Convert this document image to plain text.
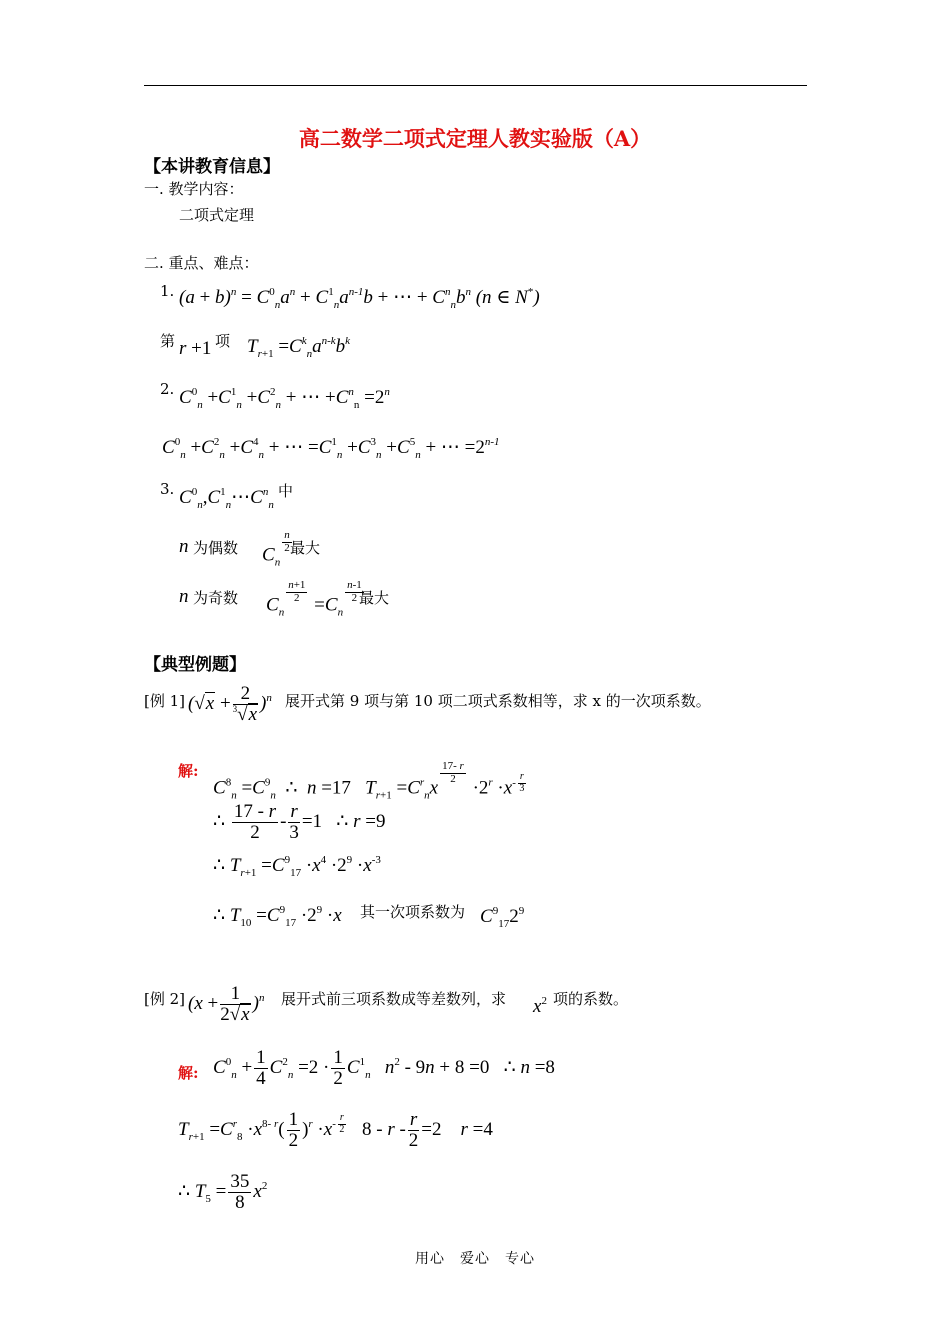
高二数学二项式定理人教实验版（A）
【本讲教育信息】
一. 教学内容：
二项式定理
二. 重点、难点：
1. $(a + b)^n = C^0_na^n + C^1_na^{n-1}b$ + ⋯ + $C^n_nb^n$ (n ∈ N*)
第 r +1 项 $T_{r+1} =C^k_na^{n-k}b^k$
2. $C^0_n +C^1_n +C^2_n$ + ⋯ $+C^n_n =2^n$
$C^0_n +C^2_n +C^4_n$ + ⋯ $=C^1_n +C^3_n +C^5_n$ + ⋯ $=2^{n-1}$
3. $C^0_n,C^1_n\cdots C^n_n$
中
n 为偶数 $C_n$
$\frac{n}{2}$
最大
n 为奇数 $C_n$
$\frac{n+1}{2}$
$=C_n$
$\frac{n-1}{2}$
最大
【典型例题】
[例 1] $(√x + \frac{2}{^3√x} )^n$ 展开式第 9 项与第 10 项二项式系数相等，求 x 的一次项系数。
解:
$C^8_n =C^9_n$  ∴  n =17   $T_{r+1} =C^r_nx$
$\frac{17- r}{2}$
$\cdot 2^r \cdot x^{- \frac{r}{3}}$
∴ $\frac{17 - r}{2} - \frac{r}{3} =1$   ∴ r =9
∴ $T_{r+1} =C^9_{17} \cdot x^4 \cdot 2^9 \cdot x^{-3}$
∴ $T_{10} =C^9_{17} \cdot 2^9 \cdot x$ 其一次项系数为 $C^9_{17}2^9$
[例 2] $(x + \frac{1}{2√x} )^n$ 展开式前三项系数成等差数列，求 $x^2$ 项的系数。
解: $C^0_n + \frac{1}{4} C^2_n =2 \cdot \frac{1}{2} C^1_n$   $n^2 - 9n + 8 =0$   ∴ n =8
$T_{r+1} =C^r_8 \cdot x^{8- r}( \frac{1}{2} )^r \cdot x^{- \frac{r}{2}}$ $8 - r - \frac{r}{2} =2$    r =4
∴ $T_5 = \frac{35}{8} x^2$
用心　爱心　专心
